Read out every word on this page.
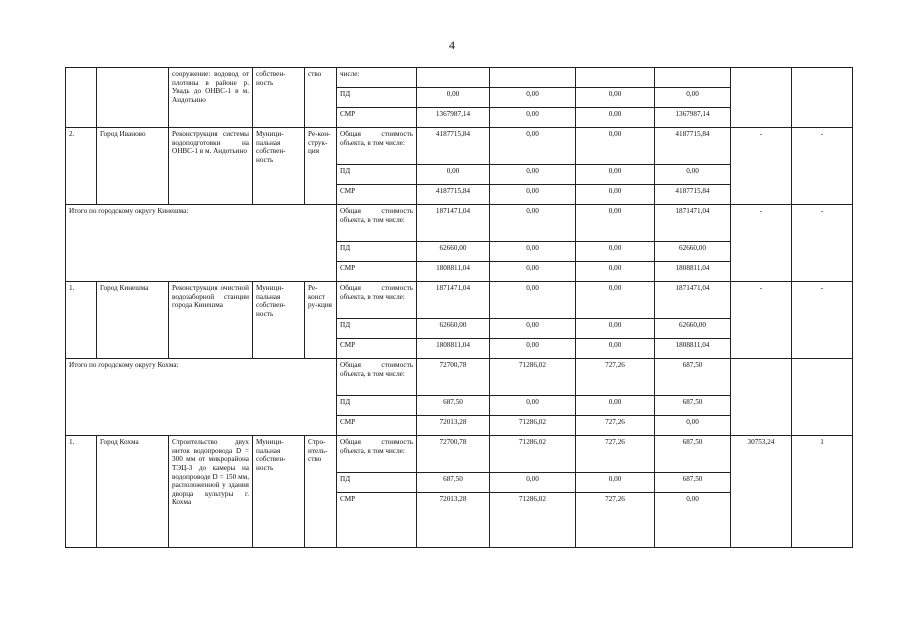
4
		сооружение: водовод от плотины в районе р. Увадь до ОНВС-1 в м. Андотьино	собствен-ность	ство	числе:						
					ПД	0,00	0,00	0,00	0,00		
					СМР	1367987,14	0,00	0,00	1367987,14		
2.	Город Иваново	Реконструкция системы водоподготовки на ОНВС-1 в м. Андотьино	Муници-пальная собствен-ность	Ре-кон-струк-ция	Общая стоимость объекта, в том числе:	4187715,84	0,00	0,00	4187715,84	-	-
					ПД	0,00	0,00	0,00	0,00		
					СМР	4187715,84	0,00	0,00	4187715,84		
Итого по городскому округу Кинешма:					Общая стоимость объекта, в том числе:	1871471,04	0,00	0,00	1871471,04	-	-
					ПД	62660,00	0,00	0,00	62660,00		
					СМР	1808811,04	0,00	0,00	1808811,04		
1.	Город Кинешма	Реконструкция очистной водозаборной станции города Кинешма	Муници-пальная собствен-ность	Ре-конст ру-кция	Общая стоимость объекта, в том числе:	1871471,04	0,00	0,00	1871471,04	-	-
					ПД	62660,00	0,00	0,00	62660,00		
					СМР	1808811,04	0,00	0,00	1808811,04		
Итого по городскому округу Кохма:					Общая стоимость объекта, в том числе:	72700,78	71286,02	727,26	687,50		
					ПД	687,50	0,00	0,00	687,50		
					СМР	72013,28	71286,02	727,26	0,00		
1.	Город Кохма	Строительство двух ниток водопровода D = 300 мм от микрорайона ТЭЦ-3 до камеры на водопроводе D = 150 мм, расположенной у здания дворца культуры г. Кохма	Муници-пальная собствен-ность	Стро-итель-ство	Общая стоимость объекта, в том числе:	72700,78	71286,02	727,26	687,50	30753,24	1
					ПД	687,50	0,00	0,00	687,50		
					СМР	72013,28	71286,02	727,26	0,00		
